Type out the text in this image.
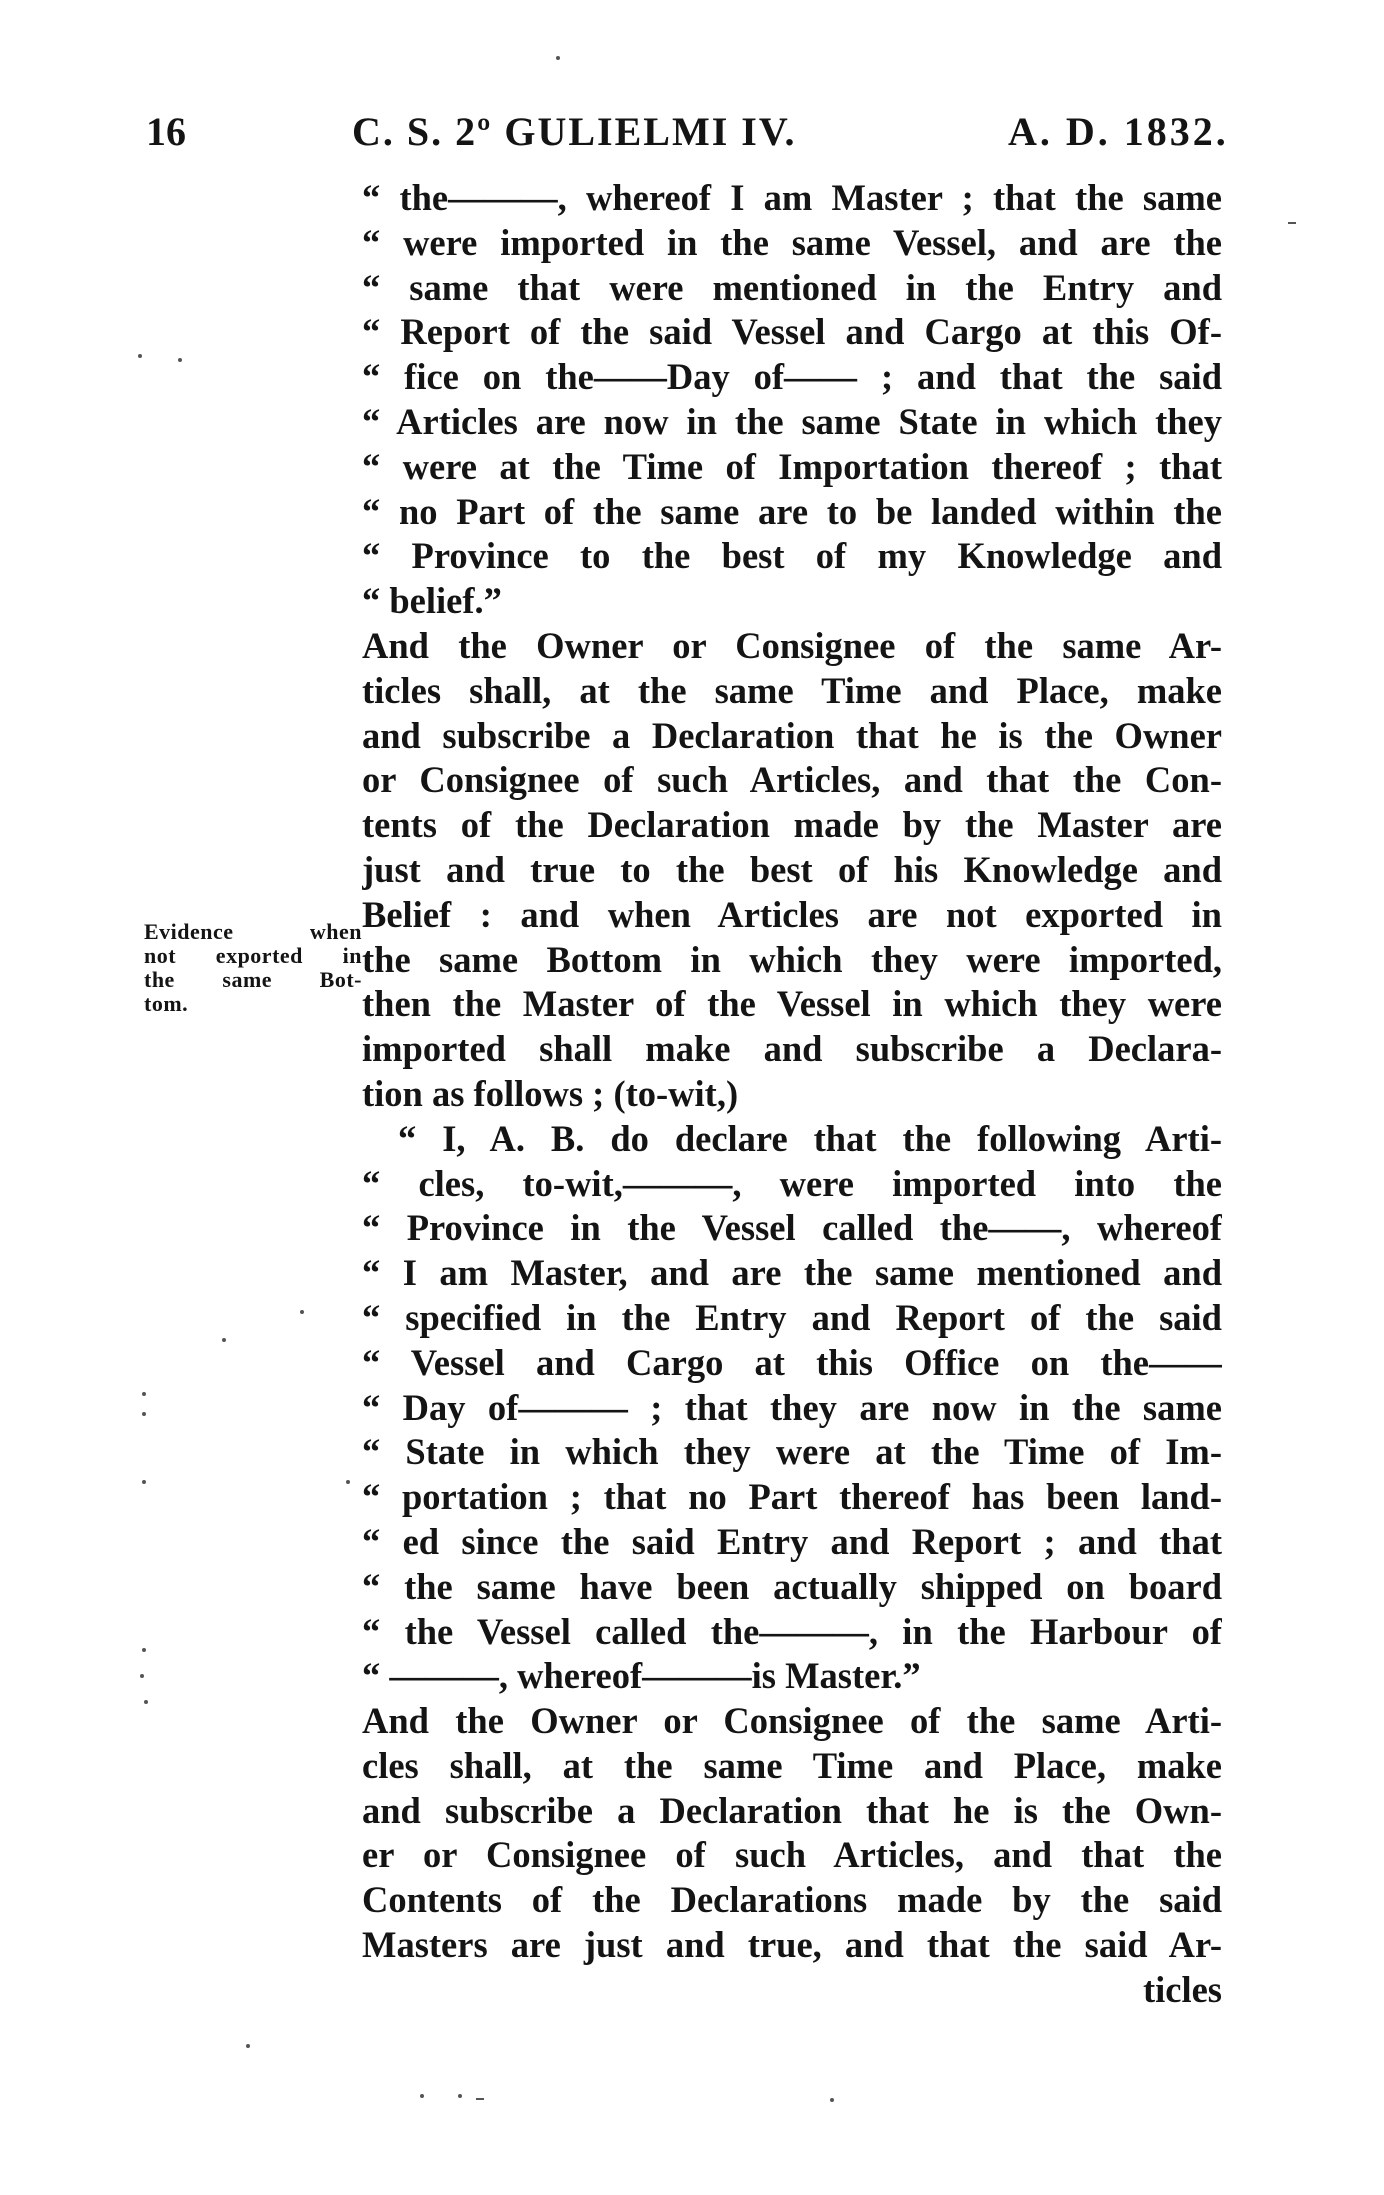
16	C. S. 2º GULIELMI IV.	A. D. 1832.
Evidence when
not exported in
the same Bot-
tom.
“ the———, whereof I am Master ; that the same
“ were imported in the same Vessel, and are the
“ same that were mentioned in the Entry and
“ Report of the said Vessel and Cargo at this Of-
“ fice on the——Day of—— ; and that the said
“ Articles are now in the same State in which they
“ were at the Time of Importation thereof ; that
“ no Part of the same are to be landed within the
“ Province to the best of my Knowledge and
“ belief.”
And the Owner or Consignee of the same Ar-
ticles shall, at the same Time and Place, make
and subscribe a Declaration that he is the Owner
or Consignee of such Articles, and that the Con-
tents of the Declaration made by the Master are
just and true to the best of his Knowledge and
Belief : and when Articles are not exported in
the same Bottom in which they were imported,
then the Master of the Vessel in which they were
imported shall make and subscribe a Declara-
tion as follows ; (to-wit,)
“ I, A. B. do declare that the following Arti-
“ cles, to-wit,———, were imported into the
“ Province in the Vessel called the——, whereof
“ I am Master, and are the same mentioned and
“ specified in the Entry and Report of the said
“ Vessel and Cargo at this Office on the——
“ Day of——— ; that they are now in the same
“ State in which they were at the Time of Im-
“ portation ; that no Part thereof has been land-
“ ed since the said Entry and Report ; and that
“ the same have been actually shipped on board
“ the Vessel called the———, in the Harbour of
“ ———, whereof———is Master.”
And the Owner or Consignee of the same Arti-
cles shall, at the same Time and Place, make
and subscribe a Declaration that he is the Own-
er or Consignee of such Articles, and that the
Contents of the Declarations made by the said
Masters are just and true, and that the said Ar-
ticles
